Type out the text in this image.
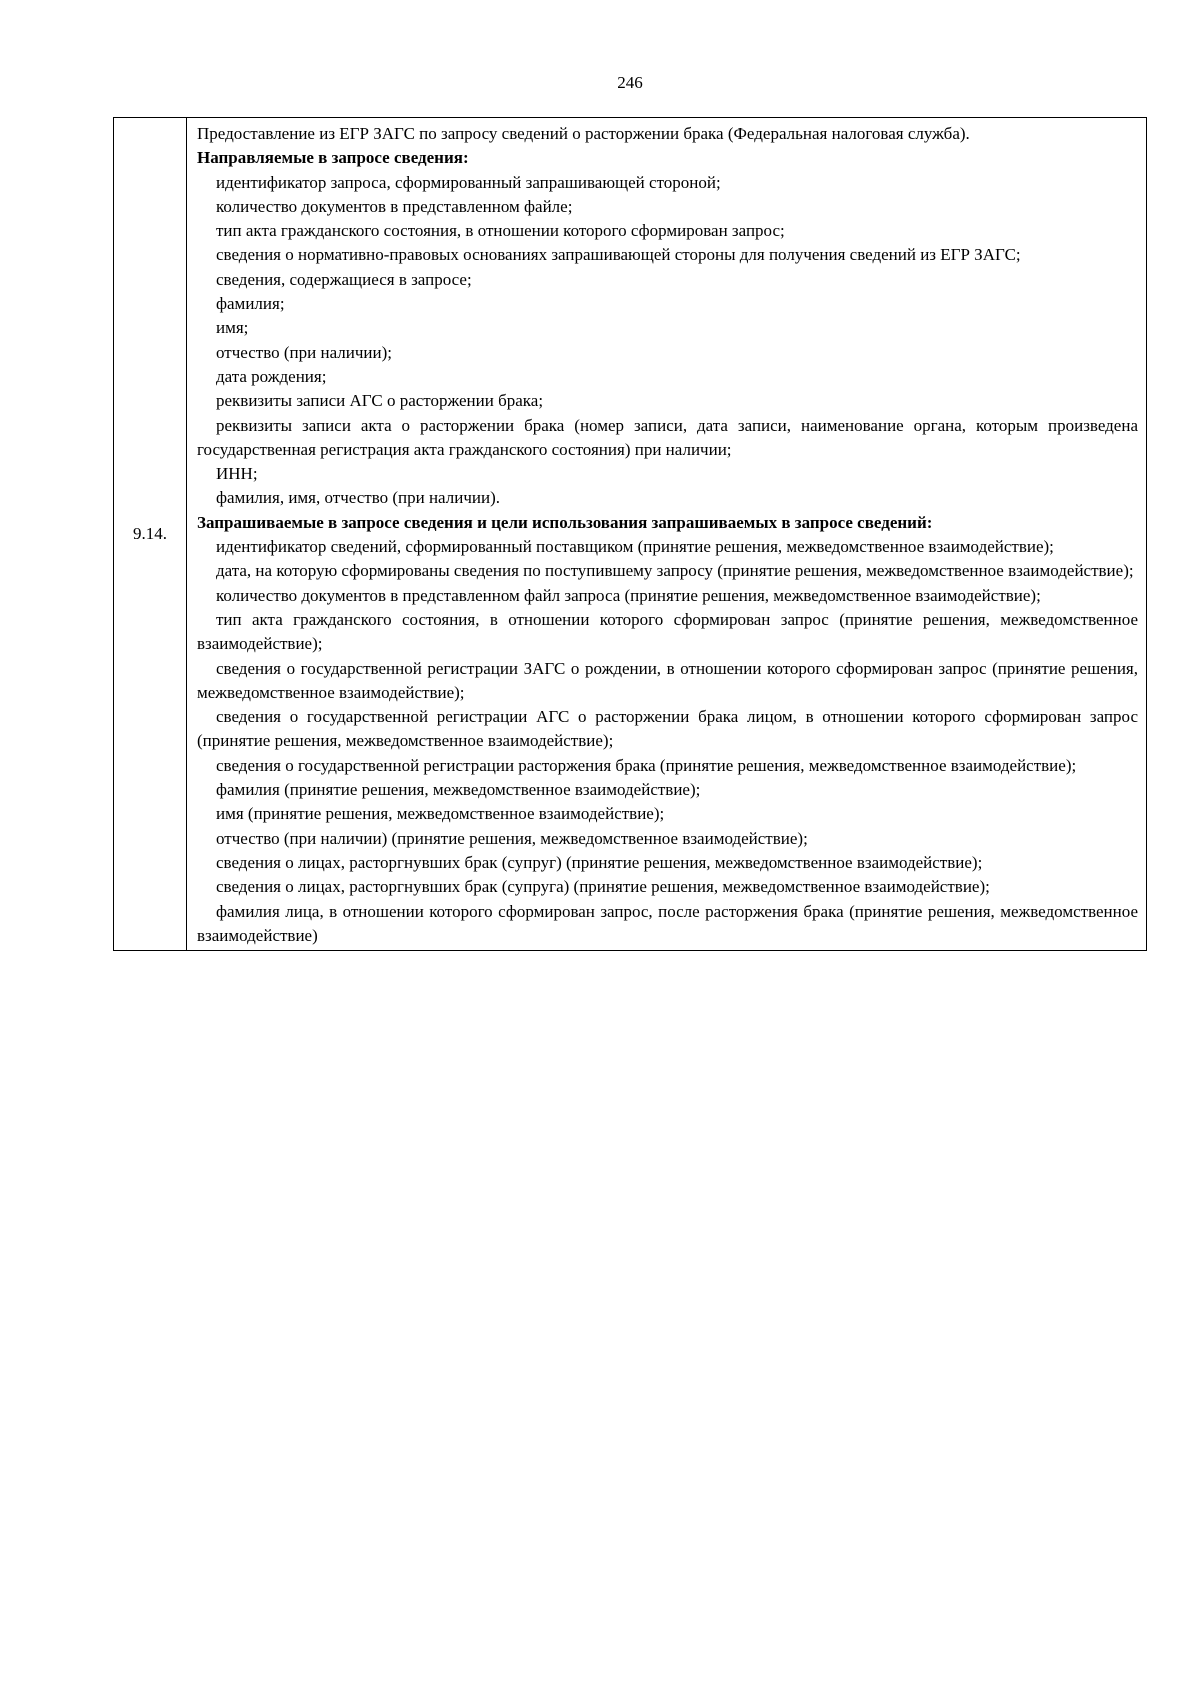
246
9.14.	

Предоставление из ЕГР ЗАГС по запросу сведений о расторжении брака (Федеральная налоговая служба).

Направляемые в запросе сведения:

идентификатор запроса, сформированный запрашивающей стороной;

количество документов в представленном файле;

тип акта гражданского состояния, в отношении которого сформирован запрос;

сведения о нормативно-правовых основаниях запрашивающей стороны для получения сведений из ЕГР ЗАГС;

сведения, содержащиеся в запросе;

фамилия;

имя;

отчество (при наличии);

дата рождения;

реквизиты записи АГС о расторжении брака;

реквизиты записи акта о расторжении брака (номер записи, дата записи, наименование органа, которым произведена государственная регистрация акта гражданского состояния) при наличии;

ИНН;

фамилия, имя, отчество (при наличии).

Запрашиваемые в запросе сведения и цели использования запрашиваемых в запросе сведений:

идентификатор сведений, сформированный поставщиком (принятие решения, межведомственное взаимодействие);

дата, на которую сформированы сведения по поступившему запросу (принятие решения, межведомственное взаимодействие);

количество документов в представленном файл запроса (принятие решения, межведомственное взаимодействие);

тип акта гражданского состояния, в отношении которого сформирован запрос (принятие решения, межведомственное взаимодействие);

сведения о государственной регистрации ЗАГС о рождении, в отношении которого сформирован запрос (принятие решения, межведомственное взаимодействие);

сведения о государственной регистрации АГС о расторжении брака лицом, в отношении которого сформирован запрос (принятие решения, межведомственное взаимодействие);

сведения о государственной регистрации расторжения брака (принятие решения, межведомственное взаимодействие);

фамилия (принятие решения, межведомственное взаимодействие);

имя (принятие решения, межведомственное взаимодействие);

отчество (при наличии) (принятие решения, межведомственное взаимодействие);

сведения о лицах, расторгнувших брак (супруг) (принятие решения, межведомственное взаимодействие);

сведения о лицах, расторгнувших брак (супруга) (принятие решения, межведомственное взаимодействие);

фамилия лица, в отношении которого сформирован запрос, после расторжения брака (принятие решения, межведомственное взаимодействие)
